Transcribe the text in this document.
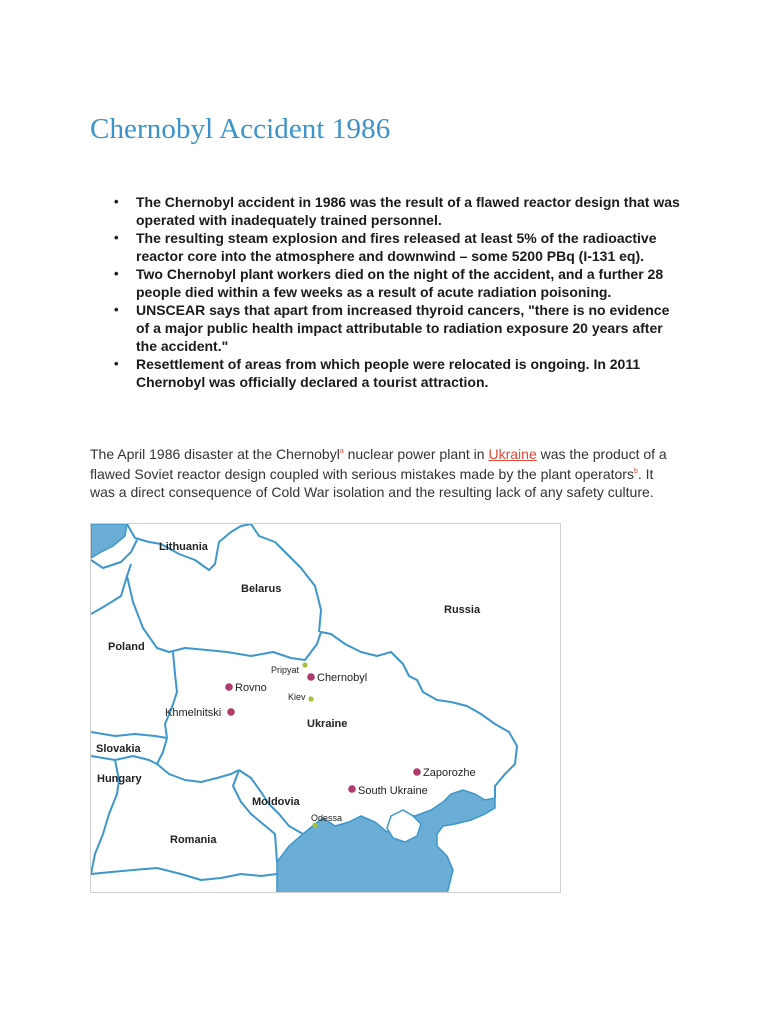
Chernobyl Accident 1986
• The Chernobyl accident in 1986 was the result of a flawed reactor design that was operated with inadequately trained personnel.
• The resulting steam explosion and fires released at least 5% of the radioactive reactor core into the atmosphere and downwind – some 5200 PBq (I-131 eq).
• Two Chernobyl plant workers died on the night of the accident, and a further 28 people died within a few weeks as a result of acute radiation poisoning.
• UNSCEAR says that apart from increased thyroid cancers, "there is no evidence of a major public health impact attributable to radiation exposure 20 years after the accident."
• Resettlement of areas from which people were relocated is ongoing. In 2011 Chernobyl was officially declared a tourist attraction.

The April 1986 disaster at the Chernobyl$^a$ nuclear power plant in Ukraine was the product of a flawed Soviet reactor design coupled with serious mistakes made by the plant operators$^b$. It was a direct consequence of Cold War isolation and the resulting lack of any safety culture.

Lithuania
Belarus
Russia
Poland
Ukraine
Slovakia
Hungary
Moldovia
Romania
Chernobyl
Rovno
Khmelnitski
Zaporozhe
South Ukraine
Pripyat
Kiev
Odessa
